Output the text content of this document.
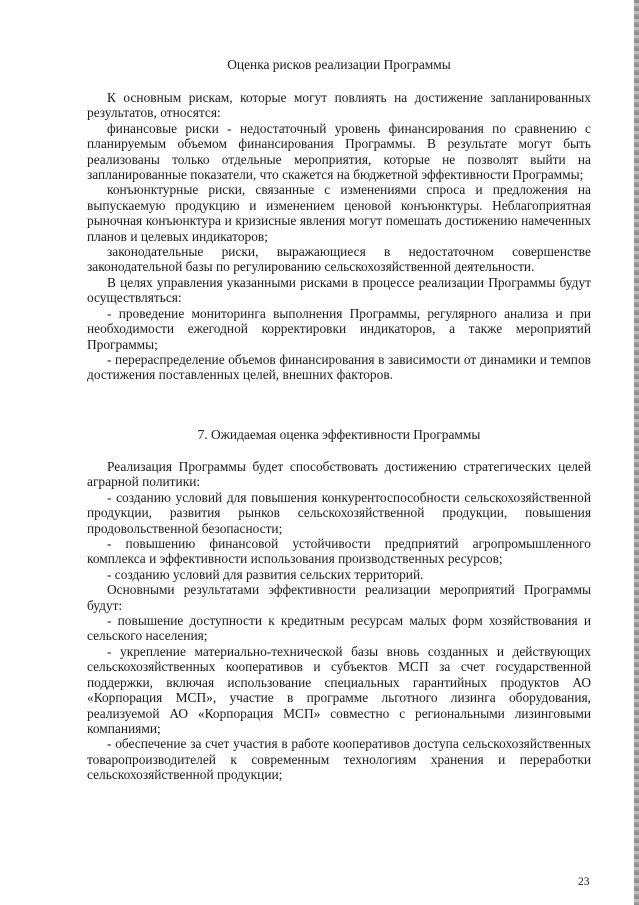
Оценка рисков реализации Программы

К основным рискам, которые могут повлиять на достижение запланированных результатов, относятся:

финансовые риски - недостаточный уровень финансирования по сравнению с планируемым объемом финансирования Программы. В результате могут быть реализованы только отдельные мероприятия, которые не позволят выйти на запланированные показатели, что скажется на бюджетной эффективности Программы;

конъюнктурные риски, связанные с изменениями спроса и предложения на выпускаемую продукцию и изменением ценовой конъюнктуры. Неблагоприятная рыночная конъюнктура и кризисные явления могут помешать достижению намеченных планов и целевых индикаторов;

законодательные риски, выражающиеся в недостаточном совершенстве законодательной базы по регулированию сельскохозяйственной деятельности.

В целях управления указанными рисками в процессе реализации Программы будут осуществляться:

- проведение мониторинга выполнения Программы, регулярного анализа и при необходимости ежегодной корректировки индикаторов, а также мероприятий Программы;

- перераспределение объемов финансирования в зависимости от динамики и темпов достижения поставленных целей, внешних факторов.

7. Ожидаемая оценка эффективности Программы

Реализация Программы будет способствовать достижению стратегических целей аграрной политики:

- созданию условий для повышения конкурентоспособности сельскохозяйственной продукции, развития рынков сельскохозяйственной продукции, повышения продовольственной безопасности;

- повышению финансовой устойчивости предприятий агропромышленного комплекса и эффективности использования производственных ресурсов;

- созданию условий для развития сельских территорий.

Основными результатами эффективности реализации мероприятий Программы будут:

- повышение доступности к кредитным ресурсам малых форм хозяйствования и сельского населения;

- укрепление материально-технической базы вновь созданных и действующих сельскохозяйственных кооперативов и субъектов МСП за счет государственной поддержки, включая использование специальных гарантийных продуктов АО «Корпорация МСП», участие в программе льготного лизинга оборудования, реализуемой АО «Корпорация МСП» совместно с региональными лизинговыми компаниями;

- обеспечение за счет участия в работе кооперативов доступа сельскохозяйственных товаропроизводителей к современным технологиям хранения и переработки сельскохозяйственной продукции;

23
